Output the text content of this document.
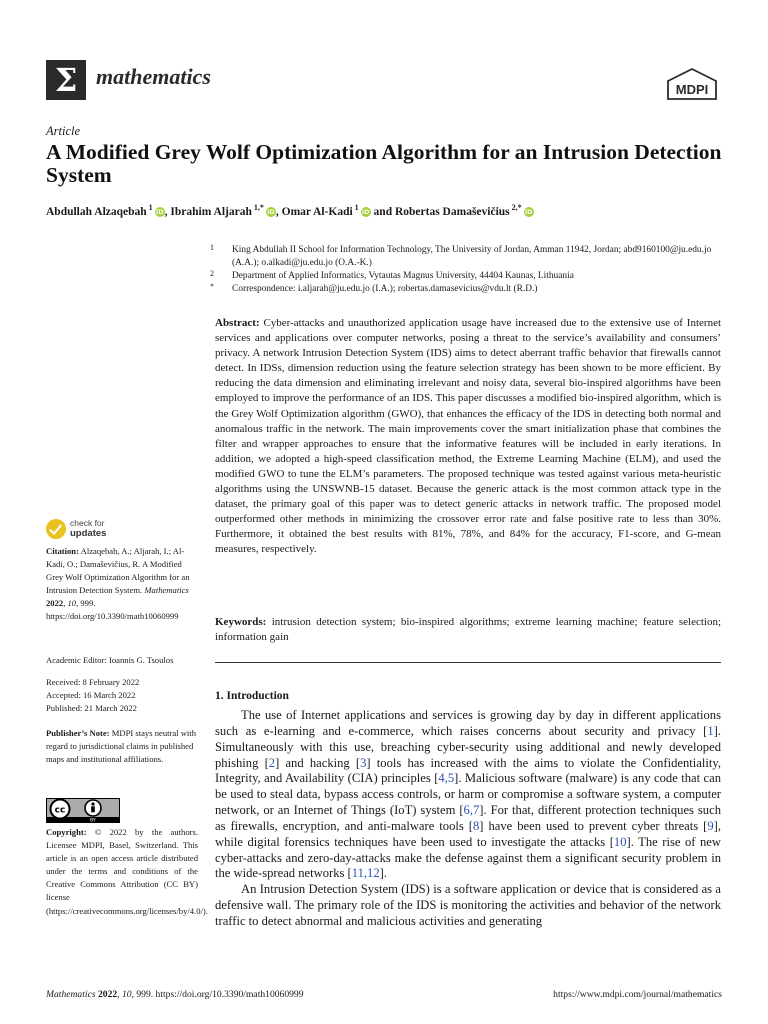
Σ mathematics
MDPI
Article
A Modified Grey Wolf Optimization Algorithm for an Intrusion Detection System
Abdullah Alzaqebah $^1$ iD, Ibrahim Aljarah $^{1,*}$ iD, Omar Al-Kadi $^1$ iD and Robertas Damaševičius $^{2,*}$ iD
1 King Abdullah II School for Information Technology, The University of Jordan, Amman 11942, Jordan; abd9160100@ju.edu.jo (A.A.); o.alkadi@ju.edu.jo (O.A.-K.)
2 Department of Applied Informatics, Vytautas Magnus University, 44404 Kaunas, Lithuania
* Correspondence: i.aljarah@ju.edu.jo (I.A.); robertas.damasevicius@vdu.lt (R.D.)

Abstract: Cyber-attacks and unauthorized application usage have increased due to the extensive use of Internet services and applications over computer networks, posing a threat to the service’s availability and consumers’ privacy. A network Intrusion Detection System (IDS) aims to detect aberrant traffic behavior that firewalls cannot detect. In IDSs, dimension reduction using the feature selection strategy has been shown to be more efficient. By reducing the data dimension and eliminating irrelevant and noisy data, several bio-inspired algorithms have been employed to improve the performance of an IDS. This paper discusses a modified bio-inspired algorithm, which is the Grey Wolf Optimization algorithm (GWO), that enhances the efficacy of the IDS in detecting both normal and anomalous traffic in the network. The main improvements cover the smart initialization phase that combines the filter and wrapper approaches to ensure that the informative features will be included in early iterations. In addition, we adopted a high-speed classification method, the Extreme Learning Machine (ELM), and used the modified GWO to tune the ELM’s parameters. The proposed technique was tested against various meta-heuristic algorithms using the UNSWNB-15 dataset. Because the generic attack is the most common attack type in the dataset, the primary goal of this paper was to detect generic attacks in network traffic. The proposed model outperformed other methods in minimizing the crossover error rate and false positive rate to less than 30%. Furthermore, it obtained the best results with 81%, 78%, and 84% for the accuracy, F1-score, and G-mean measures, respectively.

Keywords: intrusion detection system; bio-inspired algorithms; extreme learning machine; feature selection; information gain

1. Introduction

The use of Internet applications and services is growing day by day in different applications such as e-learning and e-commerce, which raises concerns about security and privacy [1]. Simultaneously with this use, breaching cyber-security using additional and newly developed phishing [2] and hacking [3] tools has increased with the aims to violate the Confidentiality, Integrity, and Availability (CIA) principles [4,5]. Malicious software (malware) is any code that can be used to steal data, bypass access controls, or harm or compromise a software system, a computer network, or an Internet of Things (IoT) system [6,7]. For that, different protection techniques such as firewalls, encryption, and anti-malware tools [8] have been used to prevent cyber threats [9], while digital forensics techniques have been used to investigate the attacks [10]. The rise of new cyber-attacks and zero-day-attacks make the defense against them a significant security problem in the wide-spread networks [11,12].

An Intrusion Detection System (IDS) is a software application or device that is considered as a defensive wall. The primary role of the IDS is monitoring the activities and behavior of the network traffic to detect abnormal and malicious activities and generating

check for
updates
Citation: Alzaqebah, A.; Aljarah, I.; Al-Kadi, O.; Damaševičius, R. A Modified Grey Wolf Optimization Algorithm for an Intrusion Detection System. Mathematics 2022, 10, 999. https://doi.org/10.3390/math10060999
Academic Editor: Ioannis G. Tsoulos
Received: 8 February 2022
Accepted: 16 March 2022
Published: 21 March 2022
Publisher’s Note: MDPI stays neutral with regard to jurisdictional claims in published maps and institutional affiliations.
cc
BY
Copyright: © 2022 by the authors. Licensee MDPI, Basel, Switzerland. This article is an open access article distributed under the terms and conditions of the Creative Commons Attribution (CC BY) license (https://creativecommons.org/licenses/by/4.0/).
Mathematics 2022, 10, 999. https://doi.org/10.3390/math10060999	https://www.mdpi.com/journal/mathematics
